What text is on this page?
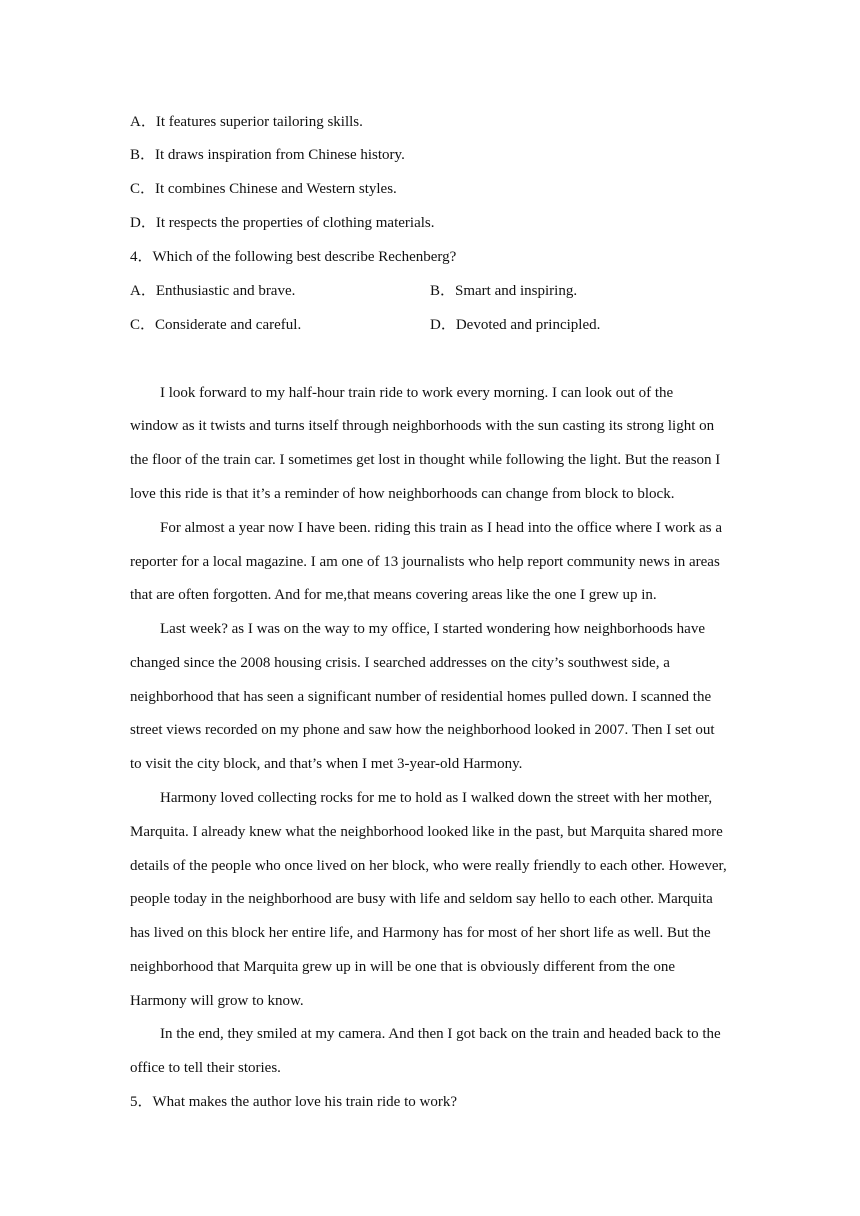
A．It features superior tailoring skills.
B．It draws inspiration from Chinese history.
C．It combines Chinese and Western styles.
D．It respects the properties of clothing materials.
4．Which of the following best describe Rechenberg?
A．Enthusiastic and brave.	B．Smart and inspiring.
C．Considerate and careful.	D．Devoted and principled.
I look forward to my half-hour train ride to work every morning. I can look out of the
window as it twists and turns itself through neighborhoods with the sun casting its strong light on
the floor of the train car. I sometimes get lost in thought while following the light. But the reason I
love this ride is that it’s a reminder of how neighborhoods can change from block to block.
For almost a year now I have been. riding this train as I head into the office where I work as a
reporter for a local magazine. I am one of 13 journalists who help report community news in areas
that are often forgotten. And for me,that means covering areas like the one I grew up in.
Last week? as I was on the way to my office, I started wondering how neighborhoods have
changed since the 2008 housing crisis. I searched addresses on the city’s southwest side, a
neighborhood that has seen a significant number of residential homes pulled down. I scanned the
street views recorded on my phone and saw how the neighborhood looked in 2007. Then I set out
to visit the city block, and that’s when I met 3-year-old Harmony.
Harmony loved collecting rocks for me to hold as I walked down the street with her mother,
Marquita. I already knew what the neighborhood looked like in the past, but Marquita shared more
details of the people who once lived on her block, who were really friendly to each other. However,
people today in the neighborhood are busy with life and seldom say hello to each other. Marquita
has lived on this block her entire life, and Harmony has for most of her short life as well. But the
neighborhood that Marquita grew up in will be one that is obviously different from the one
Harmony will grow to know.
In the end, they smiled at my camera. And then I got back on the train and headed back to the
office to tell their stories.
5．What makes the author love his train ride to work?
